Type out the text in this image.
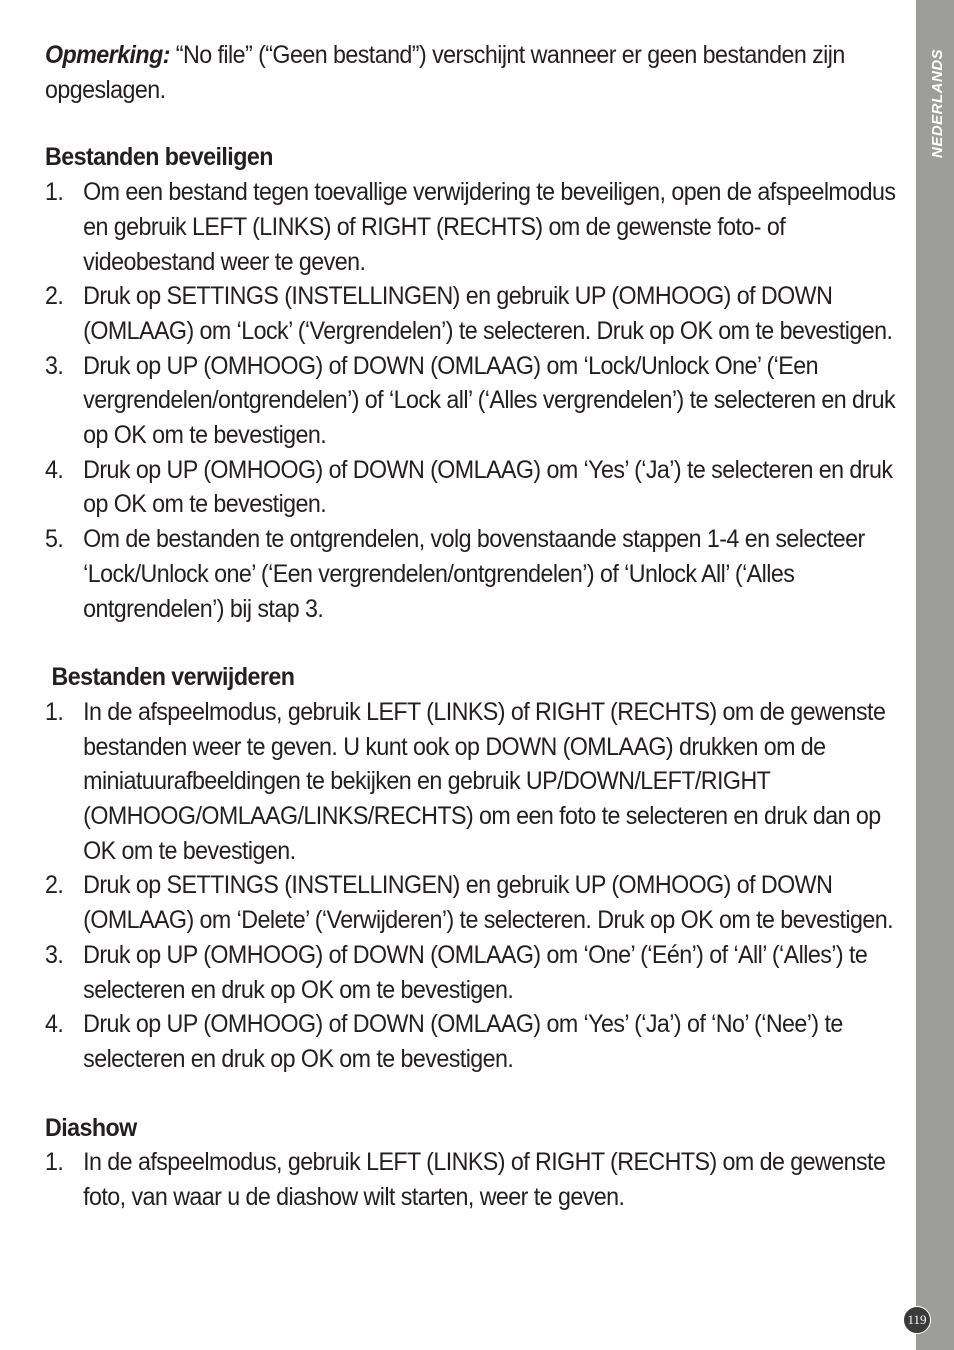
NEDERLANDS

Opmerking: “No file” (“Geen bestand”) verschijnt wanneer er geen bestanden zijn opgeslagen.

Bestanden beveiligen
1. Om een bestand tegen toevallige verwijdering te beveiligen, open de afspeelmodus en gebruik LEFT (LINKS) of RIGHT (RECHTS) om de gewenste foto- of videobestand weer te geven.
2. Druk op SETTINGS (INSTELLINGEN) en gebruik UP (OMHOOG) of DOWN (OMLAAG) om ‘Lock’ (‘Vergrendelen’) te selecteren. Druk op OK om te bevestigen.
3. Druk op UP (OMHOOG) of DOWN (OMLAAG) om ‘Lock/Unlock One’ (‘Een vergrendelen/ontgrendelen’) of ‘Lock all’ (‘Alles vergrendelen’) te selecteren en druk op OK om te bevestigen.
4. Druk op UP (OMHOOG) of DOWN (OMLAAG) om ‘Yes’ (‘Ja’) te selecteren en druk op OK om te bevestigen.
5. Om de bestanden te ontgrendelen, volg bovenstaande stappen 1-4 en selecteer ‘Lock/Unlock one’ (‘Een vergrendelen/ontgrendelen’) of ‘Unlock All’ (‘Alles ontgrendelen’) bij stap 3.
Bestanden verwijderen
1. In de afspeelmodus, gebruik LEFT (LINKS) of RIGHT (RECHTS) om de gewenste bestanden weer te geven. U kunt ook op DOWN (OMLAAG) drukken om de miniatuurafbeeldingen te bekijken en gebruik UP/DOWN/LEFT/RIGHT (OMHOOG/OMLAAG/LINKS/RECHTS) om een foto te selecteren en druk dan op OK om te bevestigen.
2. Druk op SETTINGS (INSTELLINGEN) en gebruik UP (OMHOOG) of DOWN (OMLAAG) om ‘Delete’ (‘Verwijderen’) te selecteren. Druk op OK om te bevestigen.
3. Druk op UP (OMHOOG) of DOWN (OMLAAG) om ‘One’ (‘Eén’) of ‘All’ (‘Alles’) te selecteren en druk op OK om te bevestigen.
4. Druk op UP (OMHOOG) of DOWN (OMLAAG) om ‘Yes’ (‘Ja’) of ‘No’ (‘Nee’) te selecteren en druk op OK om te bevestigen.
Diashow
1. In de afspeelmodus, gebruik LEFT (LINKS) of RIGHT (RECHTS) om de gewenste foto, van waar u de diashow wilt starten, weer te geven.
119
